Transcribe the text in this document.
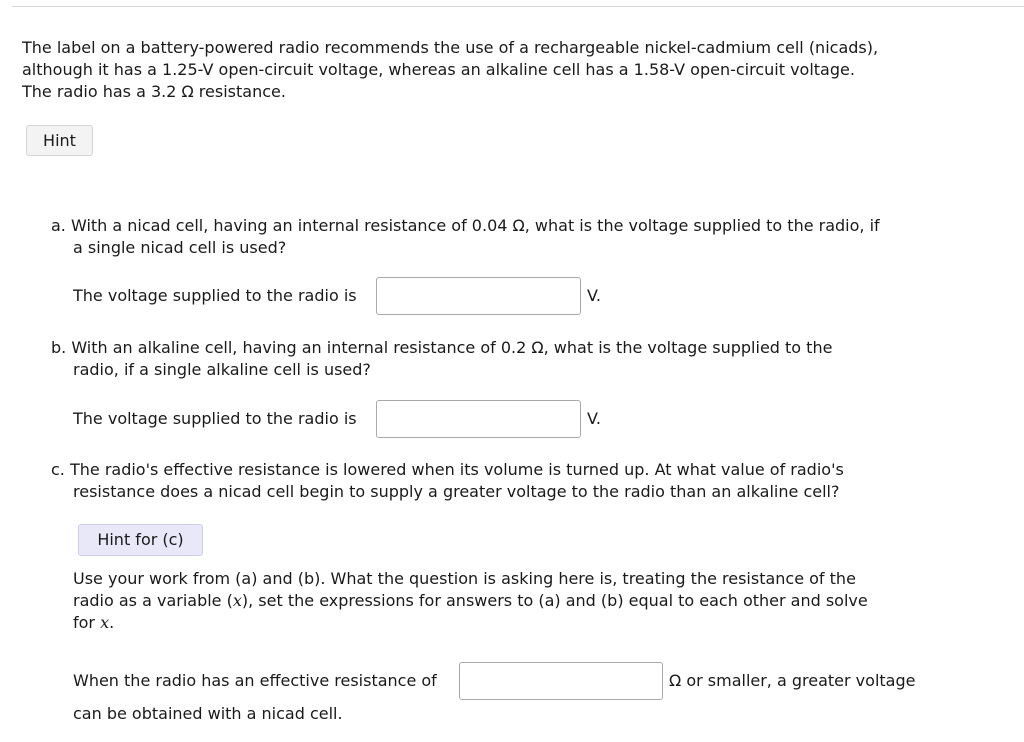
The label on a battery-powered radio recommends the use of a rechargeable nickel-cadmium cell (nicads),
although it has a 1.25-V open-circuit voltage, whereas an alkaline cell has a 1.58-V open-circuit voltage.
The radio has a 3.2 Ω resistance.
Hint
a. With a nicad cell, having an internal resistance of 0.04 Ω, what is the voltage supplied to the radio, if
a single nicad cell is used?
The voltage supplied to the radio is	V.
b. With an alkaline cell, having an internal resistance of 0.2 Ω, what is the voltage supplied to the
radio, if a single alkaline cell is used?
The voltage supplied to the radio is	V.
c. The radio's effective resistance is lowered when its volume is turned up. At what value of radio's
resistance does a nicad cell begin to supply a greater voltage to the radio than an alkaline cell?
Hint for (c)
Use your work from (a) and (b). What the question is asking here is, treating the resistance of the
radio as a variable (x), set the expressions for answers to (a) and (b) equal to each other and solve
for x.
When the radio has an effective resistance of	Ω or smaller, a greater voltage
can be obtained with a nicad cell.
